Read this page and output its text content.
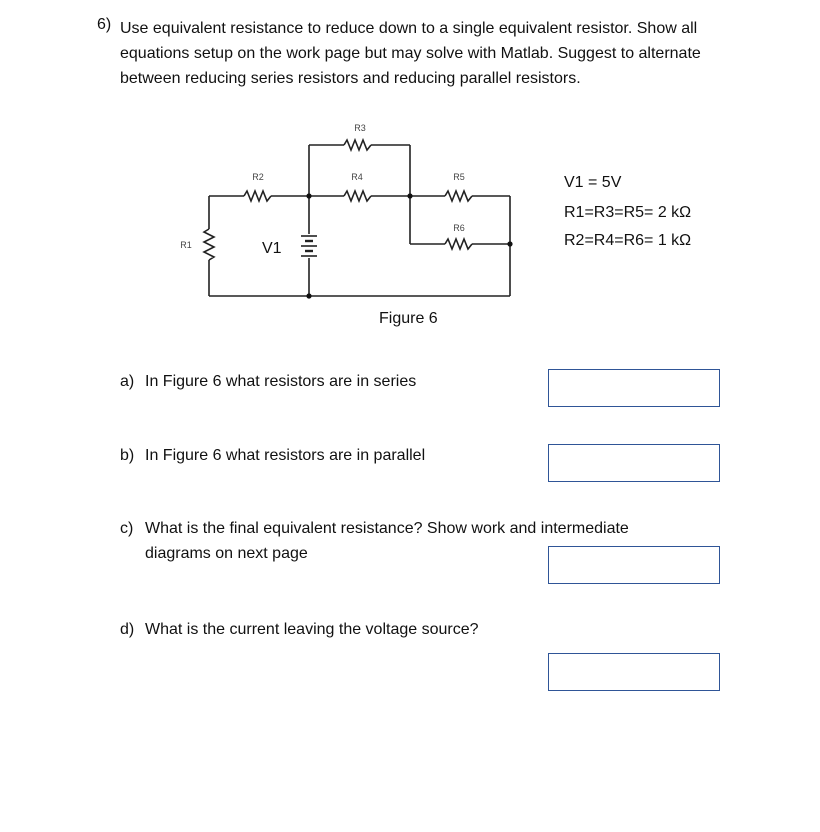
6) Use equivalent resistance to reduce down to a single equivalent resistor. Show all equations setup on the work page but may solve with Matlab. Suggest to alternate between reducing series resistors and reducing parallel resistors.
R3
R2	R4	R5
R6
R1	V1
Figure 6
V1 = 5V
R1=R3=R5= 2 kΩ
R2=R4=R6= 1 kΩ
a) In Figure 6 what resistors are in series
b) In Figure 6 what resistors are in parallel
c) What is the final equivalent resistance? Show work and intermediate diagrams on next page
d) What is the current leaving the voltage source?
